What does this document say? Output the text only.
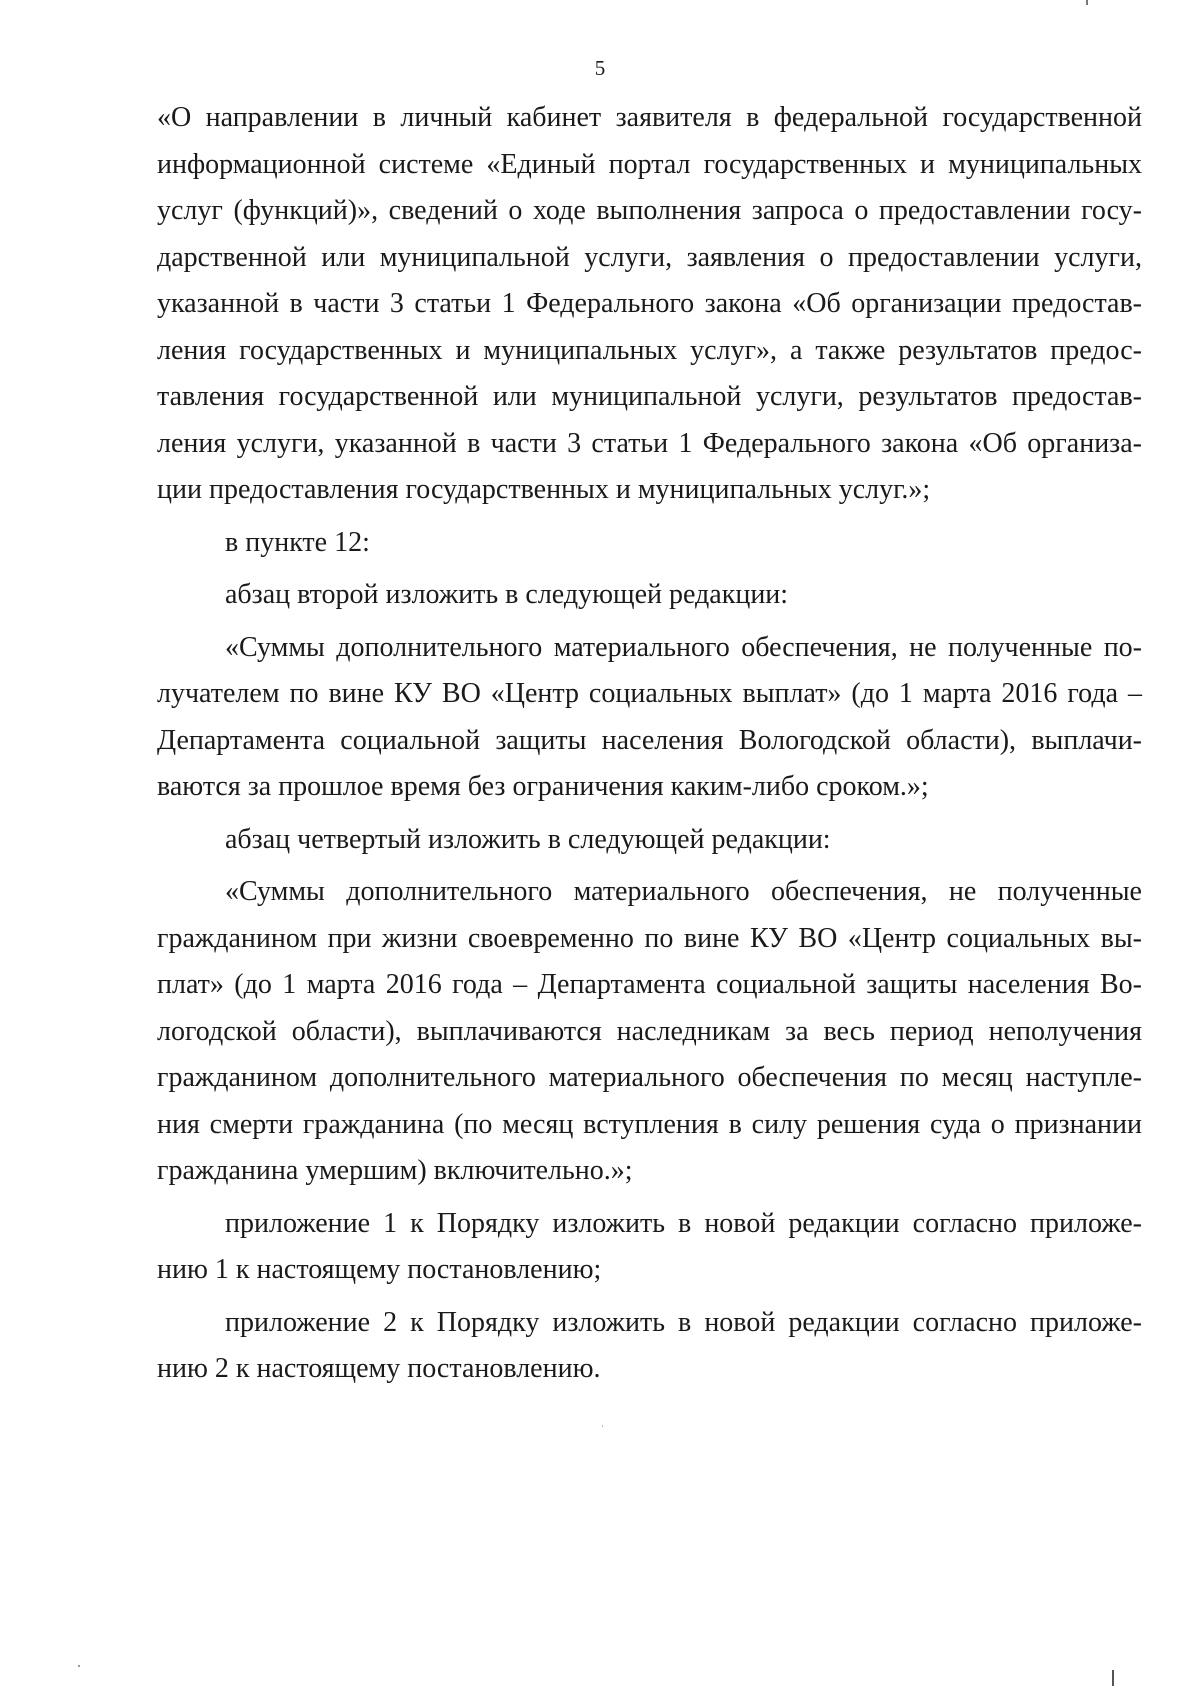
5
«О направлении в личный кабинет заявителя в федеральной государственной
информационной системе «Единый портал государственных и муниципальных
услуг (функций)», сведений о ходе выполнения запроса о предоставлении госу-
дарственной или муниципальной услуги, заявления о предоставлении услуги,
указанной в части 3 статьи 1 Федерального закона «Об организации предостав-
ления государственных и муниципальных услуг», а также результатов предос-
тавления государственной или муниципальной услуги, результатов предостав-
ления услуги, указанной в части 3 статьи 1 Федерального закона «Об организа-
ции предоставления государственных и муниципальных услуг.»;
в пункте 12:
абзац второй изложить в следующей редакции:
«Суммы дополнительного материального обеспечения, не полученные по-
лучателем по вине КУ ВО «Центр социальных выплат» (до 1 марта 2016 года –
Департамента социальной защиты населения Вологодской области), выплачи-
ваются за прошлое время без ограничения каким-либо сроком.»;
абзац четвертый изложить в следующей редакции:
«Суммы дополнительного материального обеспечения, не полученные
гражданином при жизни своевременно по вине КУ ВО «Центр социальных вы-
плат» (до 1 марта 2016 года – Департамента социальной защиты населения Во-
логодской области), выплачиваются наследникам за весь период неполучения
гражданином дополнительного материального обеспечения по месяц наступле-
ния смерти гражданина (по месяц вступления в силу решения суда о признании
гражданина умершим) включительно.»;
приложение 1 к Порядку изложить в новой редакции согласно приложе-
нию 1 к настоящему постановлению;
приложение 2 к Порядку изложить в новой редакции согласно приложе-
нию 2 к настоящему постановлению.
